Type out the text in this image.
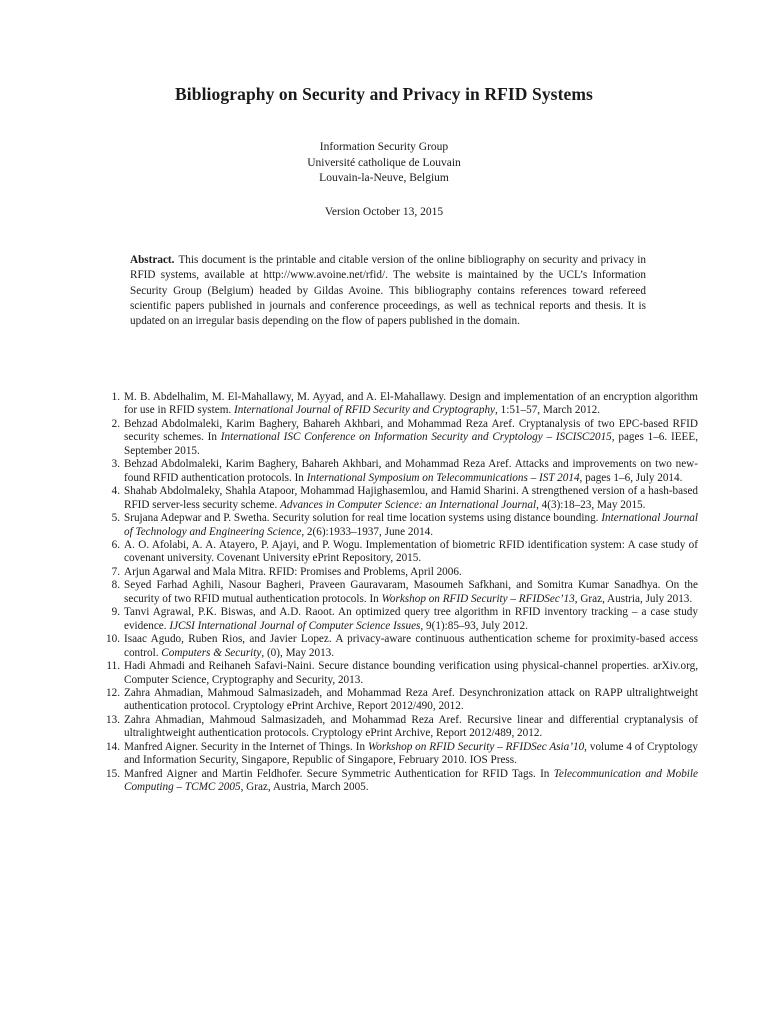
Bibliography on Security and Privacy in RFID Systems
Information Security Group
Université catholique de Louvain
Louvain-la-Neuve, Belgium
Version October 13, 2015
Abstract. This document is the printable and citable version of the online bibliography on security and privacy in RFID systems, available at http://www.avoine.net/rfid/. The website is maintained by the UCL’s Information Security Group (Belgium) headed by Gildas Avoine. This bibliography contains references toward refereed scientific papers published in journals and conference proceedings, as well as technical reports and thesis. It is updated on an irregular basis depending on the flow of papers published in the domain.
1. M. B. Abdelhalim, M. El-Mahallawy, M. Ayyad, and A. El-Mahallawy. Design and implementation of an encryption algorithm for use in RFID system. International Journal of RFID Security and Cryptography, 1:51–57, March 2012.
2. Behzad Abdolmaleki, Karim Baghery, Bahareh Akhbari, and Mohammad Reza Aref. Cryptanalysis of two EPC-based RFID security schemes. In International ISC Conference on Information Security and Cryptology – ISCISC2015, pages 1–6. IEEE, September 2015.
3. Behzad Abdolmaleki, Karim Baghery, Bahareh Akhbari, and Mohammad Reza Aref. Attacks and improvements on two new-found RFID authentication protocols. In International Symposium on Telecommunications – IST 2014, pages 1–6, July 2014.
4. Shahab Abdolmaleky, Shahla Atapoor, Mohammad Hajighasemlou, and Hamid Sharini. A strengthened version of a hash-based RFID server-less security scheme. Advances in Computer Science: an International Journal, 4(3):18–23, May 2015.
5. Srujana Adepwar and P. Swetha. Security solution for real time location systems using distance bounding. International Journal of Technology and Engineering Science, 2(6):1933–1937, June 2014.
6. A. O. Afolabi, A. A. Atayero, P. Ajayi, and P. Wogu. Implementation of biometric RFID identification system: A case study of covenant university. Covenant University ePrint Repository, 2015.
7. Arjun Agarwal and Mala Mitra. RFID: Promises and Problems, April 2006.
8. Seyed Farhad Aghili, Nasour Bagheri, Praveen Gauravaram, Masoumeh Safkhani, and Somitra Kumar Sanadhya. On the security of two RFID mutual authentication protocols. In Workshop on RFID Security – RFIDSec’13, Graz, Austria, July 2013.
9. Tanvi Agrawal, P.K. Biswas, and A.D. Raoot. An optimized query tree algorithm in RFID inventory tracking – a case study evidence. IJCSI International Journal of Computer Science Issues, 9(1):85–93, July 2012.
10. Isaac Agudo, Ruben Rios, and Javier Lopez. A privacy-aware continuous authentication scheme for proximity-based access control. Computers & Security, (0), May 2013.
11. Hadi Ahmadi and Reihaneh Safavi-Naini. Secure distance bounding verification using physical-channel properties. arXiv.org, Computer Science, Cryptography and Security, 2013.
12. Zahra Ahmadian, Mahmoud Salmasizadeh, and Mohammad Reza Aref. Desynchronization attack on RAPP ultralightweight authentication protocol. Cryptology ePrint Archive, Report 2012/490, 2012.
13. Zahra Ahmadian, Mahmoud Salmasizadeh, and Mohammad Reza Aref. Recursive linear and differential cryptanalysis of ultralightweight authentication protocols. Cryptology ePrint Archive, Report 2012/489, 2012.
14. Manfred Aigner. Security in the Internet of Things. In Workshop on RFID Security – RFIDSec Asia’10, volume 4 of Cryptology and Information Security, Singapore, Republic of Singapore, February 2010. IOS Press.
15. Manfred Aigner and Martin Feldhofer. Secure Symmetric Authentication for RFID Tags. In Telecommunication and Mobile Computing – TCMC 2005, Graz, Austria, March 2005.
